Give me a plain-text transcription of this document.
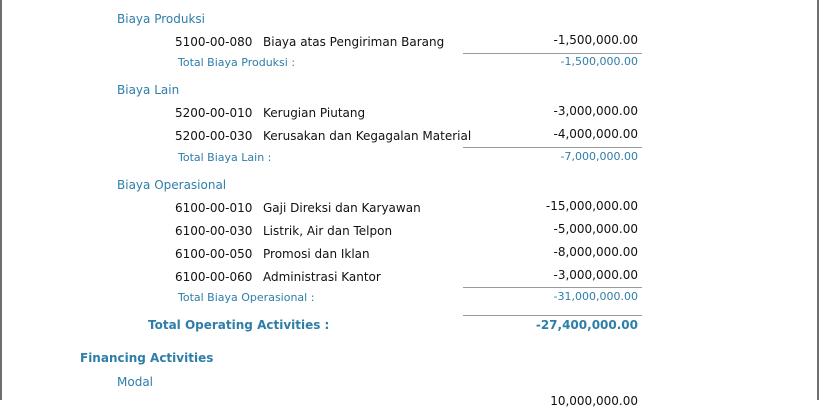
Biaya Produksi
5100-00-080 Biaya atas Pengiriman Barang	-1,500,000.00
Total Biaya Produksi :	-1,500,000.00
Biaya Lain
5200-00-010 Kerugian Piutang	-3,000,000.00
5200-00-030 Kerusakan dan Kegagalan Material	-4,000,000.00
Total Biaya Lain :	-7,000,000.00
Biaya Operasional
6100-00-010 Gaji Direksi dan Karyawan	-15,000,000.00
6100-00-030 Listrik, Air dan Telpon	-5,000,000.00
6100-00-050 Promosi dan Iklan	-8,000,000.00
6100-00-060 Administrasi Kantor	-3,000,000.00
Total Biaya Operasional :	-31,000,000.00
Total Operating Activities :	-27,400,000.00
Financing Activities
Modal
10,000,000.00
